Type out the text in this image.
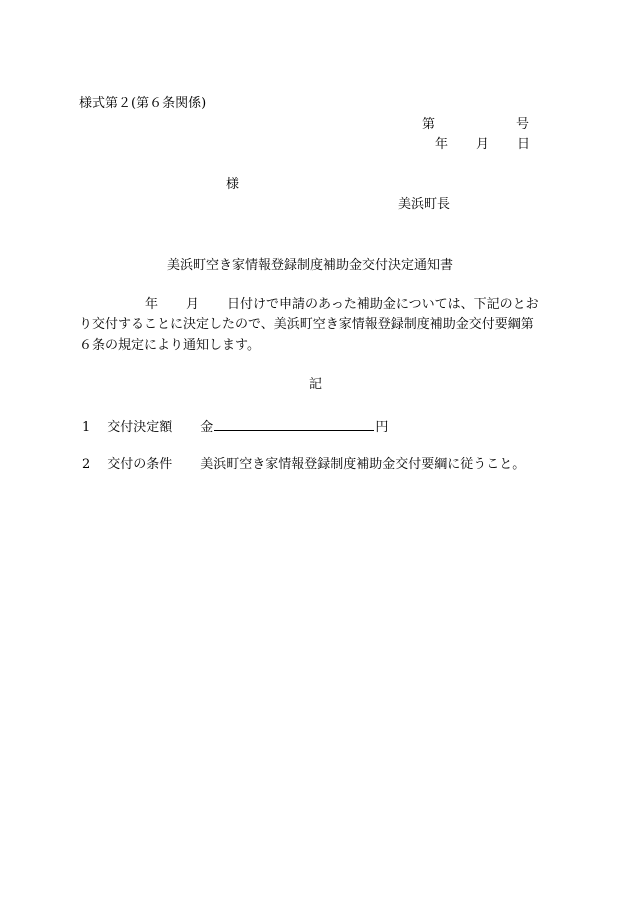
様式第２(第６条関係)
第	号
年 月 日
様
美浜町長
美浜町空き家情報登録制度補助金交付決定通知書
年 月 日付けで申請のあった補助金については、下記のとお
り交付することに決定したので、美浜町空き家情報登録制度補助金交付要綱第
６条の規定により通知します。
記
1 交付決定額 金	円
2 交付の条件 美浜町空き家情報登録制度補助金交付要綱に従うこと。
